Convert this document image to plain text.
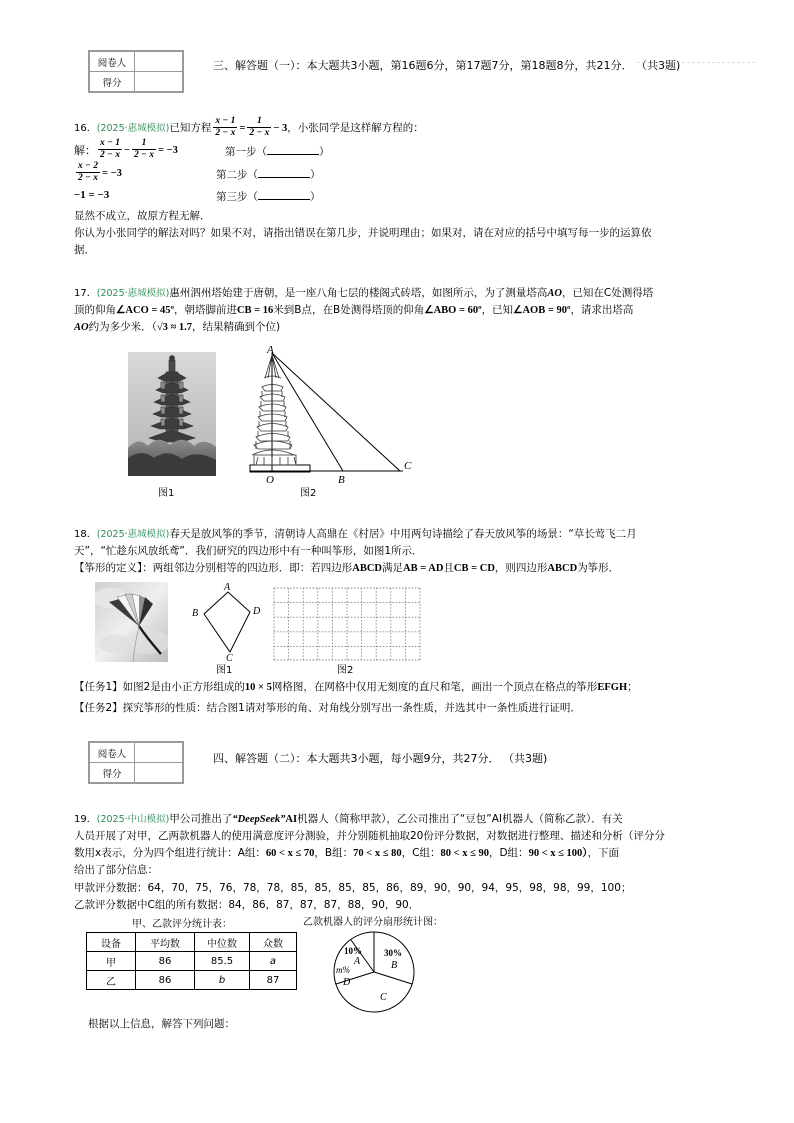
阅卷人	
得分	
三、解答题（一）：本大题共3小题，第16题6分，第17题7分，第18题8分，共21分． （共3题)
16．(2025·惠城模拟)已知方程 $\frac{x - 1}{2 - x} = \frac{1}{2 - x} - 3$，小张同学是这样解方程的：
解： $\frac{x - 1}{2 - x} - \frac{1}{2 - x} = -3$	第一步（	）
$\frac{x - 2}{2 - x} = -3$	第二步（	）
−1 = −3	第三步（	）
显然不成立，故原方程无解．
你认为小张同学的解法对吗？如果不对，请指出错误在第几步，并说明理由；如果对，请在对应的括号中填写每一步的运算依
据．
17．(2025·惠城模拟)惠州泗州塔始建于唐朝，是一座八角七层的楼阁式砖塔，如图所示，为了测量塔高AO，已知在C处测得塔
顶的仰角∠ACO = 45º，朝塔脚前进CB = 16米到B点，在B处测得塔顶的仰角∠ABO = 60º，已知∠AOB = 90º，请求出塔高
AO约为多少米．（√3 ≈ 1.7，结果精确到个位)
图1
A
O	B
C
图2
18．(2025·惠城模拟)春天是放风筝的季节，清朝诗人高鼎在《村居》中用两句诗描绘了春天放风筝的场景：“草长莺飞二月
天”，“忙趁东风放纸鸢”．我们研究的四边形中有一种叫筝形，如图1所示．
【筝形的定义】：两组邻边分别相等的四边形．即：若四边形ABCD满足AB = AD且CB = CD，则四边形ABCD为筝形．
A
B
C
D
图1	图2
【任务1】如图2是由小正方形组成的10 × 5网格图，在网格中仅用无刻度的直尺和笔，画出一个顶点在格点的筝形EFGH；
【任务2】探究筝形的性质：结合图1请对筝形的角、对角线分别写出一条性质，并选其中一条性质进行证明．
阅卷人	
得分	
四、解答题（二）：本大题共3小题，每小题9分，共27分． （共3题)
19．(2025·中山模拟)甲公司推出了“DeepSeek”AI机器人（简称甲款），乙公司推出了“豆包”AI机器人（简称乙款）．有关
人员开展了对甲，乙两款机器人的使用满意度评分测验，并分别随机抽取20份评分数据，对数据进行整理、描述和分析（评分分
数用x表示，分为四个组进行统计：A组：60 < x ≤ 70，B组：70 < x ≤ 80，C组：80 < x ≤ 90，D组：90 < x ≤ 100），下面
给出了部分信息：
甲款评分数据：64，70，75，76，78，78，85，85，85，85，86，89，90，90，94，95，98，98，99，100；
乙款评分数据中C组的所有数据：84，86，87，87，87，88，90，90．
甲、乙款评分统计表：
设备	平均数	中位数	众数
甲	86	85.5	a
乙	86	b	87
乙款机器人的评分扇形统计图：
10%
A
30%
B
C
m%
D
根据以上信息，解答下列问题：
